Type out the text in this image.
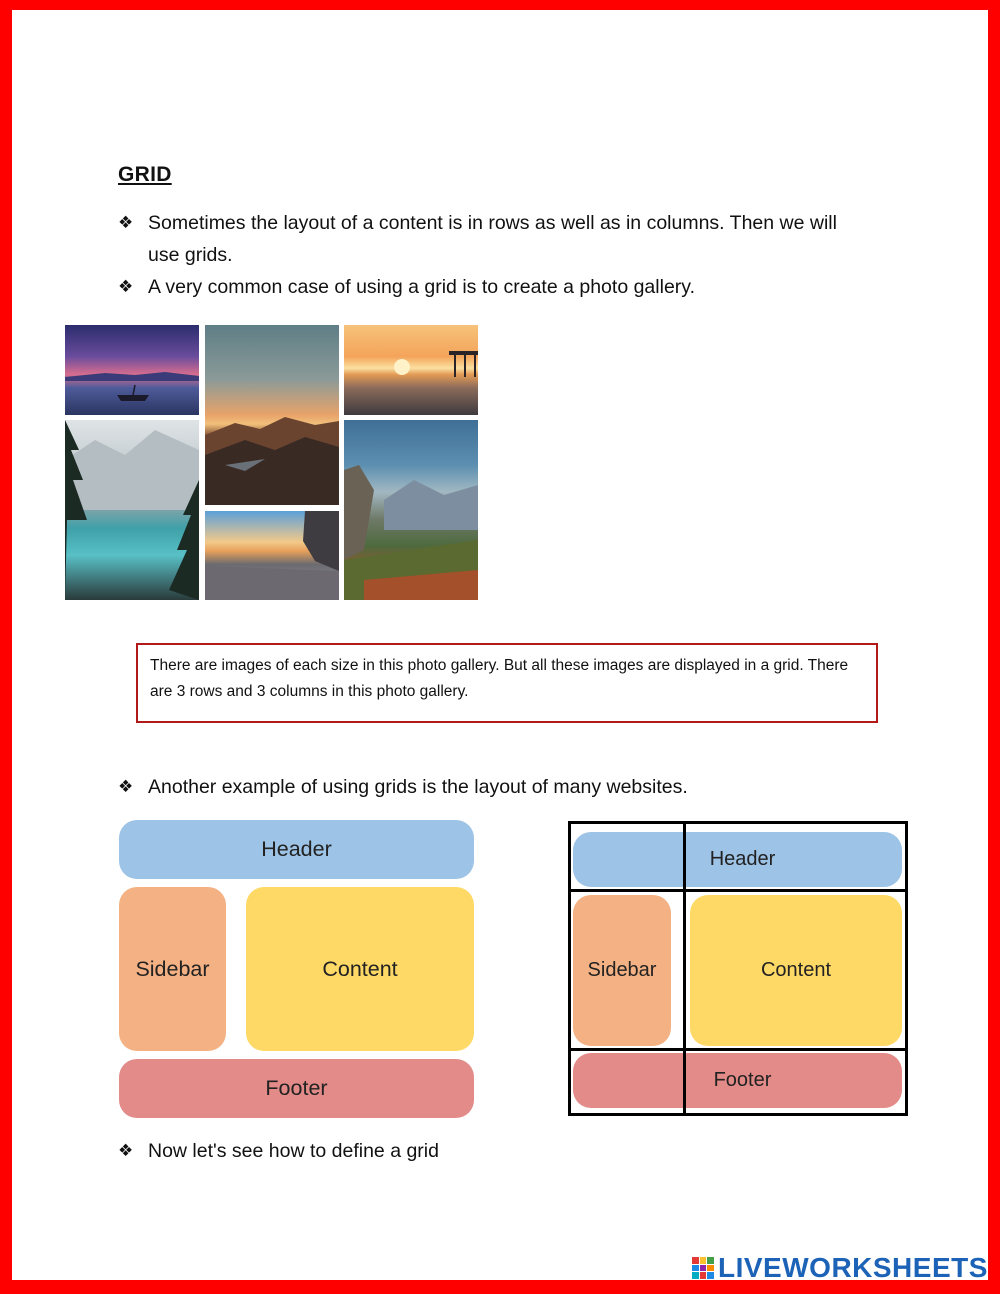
GRID
❖ Sometimes the layout of a content is in rows as well as in columns. Then we will use grids.
❖ A very common case of using a grid is to create a photo gallery.
There are images of each size in this photo gallery. But all these images are displayed in a grid. There are 3 rows and 3 columns in this photo gallery.
❖ Another example of using grids is the layout of many websites.
Header
Sidebar	Content
Footer
Header
Sidebar	Content
Footer
❖ Now let's see how to define a grid
LIVEWORKSHEETS
